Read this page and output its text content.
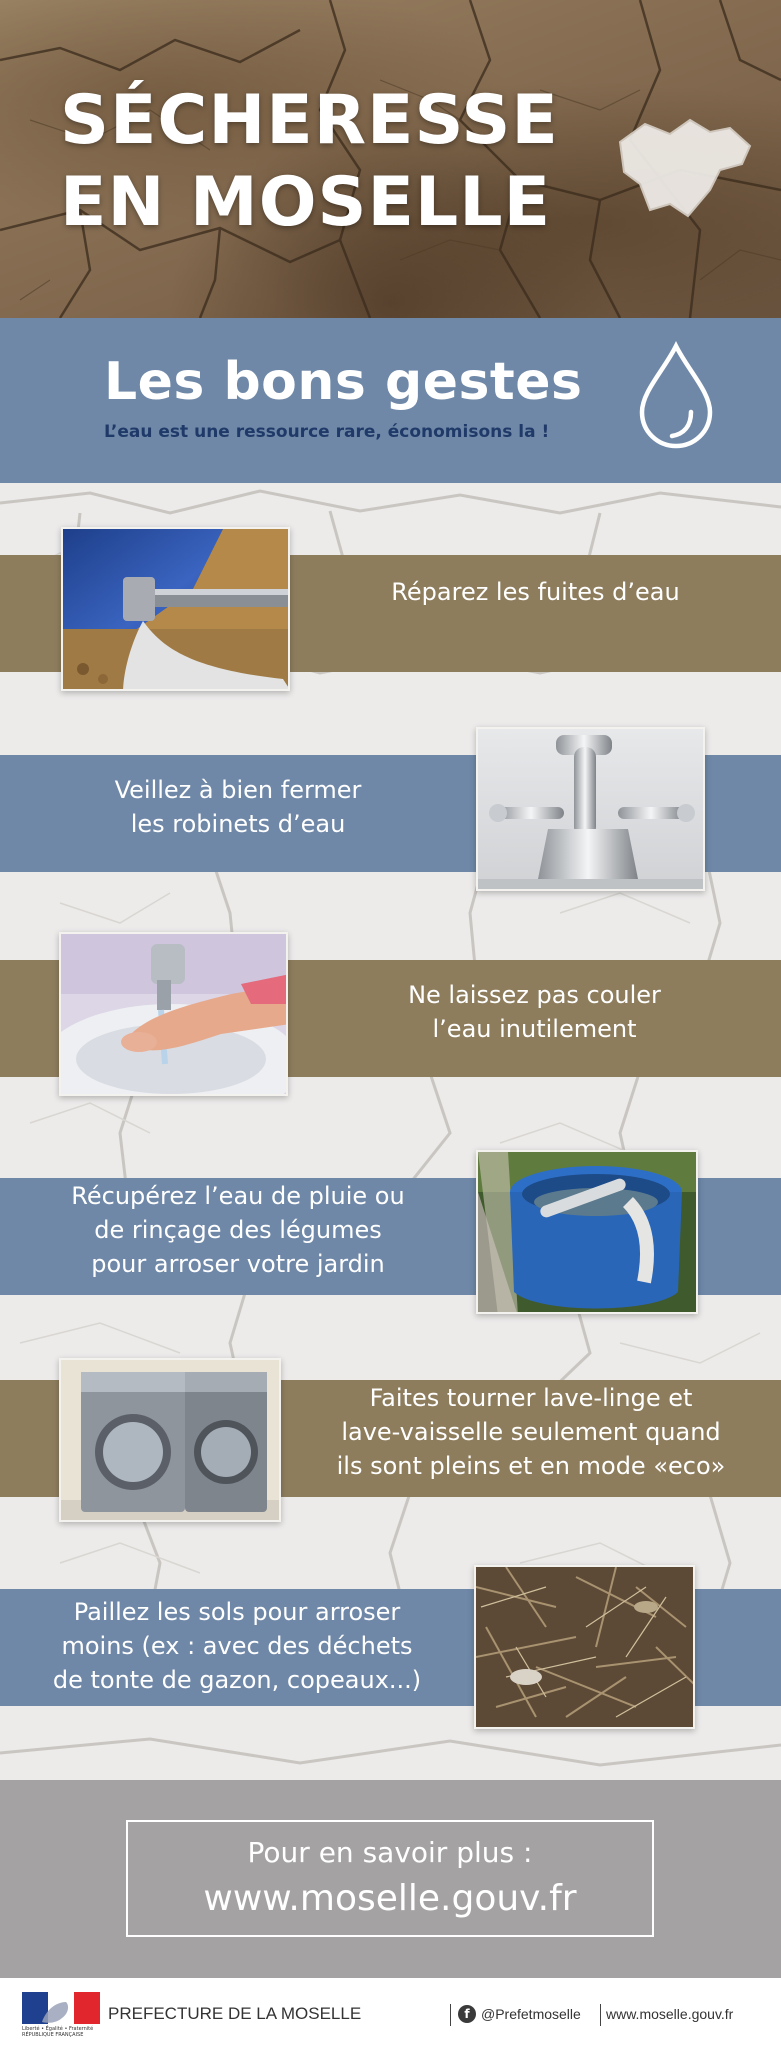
SÉCHERESSE
EN MOSELLE
Les bons gestes
L’eau est une ressource rare, économisons la !
Réparez les fuites d’eau
Veillez à bien fermer
les robinets d’eau
Ne laissez pas couler
l’eau inutilement
Récupérez l’eau de pluie ou
de rinçage des légumes
pour arroser votre jardin
Faites tourner lave-linge et
lave-vaisselle seulement quand
ils sont pleins et en mode «eco»
Paillez les sols pour arroser
moins (ex : avec des déchets
de tonte de gazon, copeaux...)
Pour en savoir plus :
www.moselle.gouv.fr
Liberté • Égalité • Fraternité RÉPUBLIQUE FRANÇAISE
PREFECTURE DE LA MOSELLE	f @Prefetmoselle www.moselle.gouv.fr
